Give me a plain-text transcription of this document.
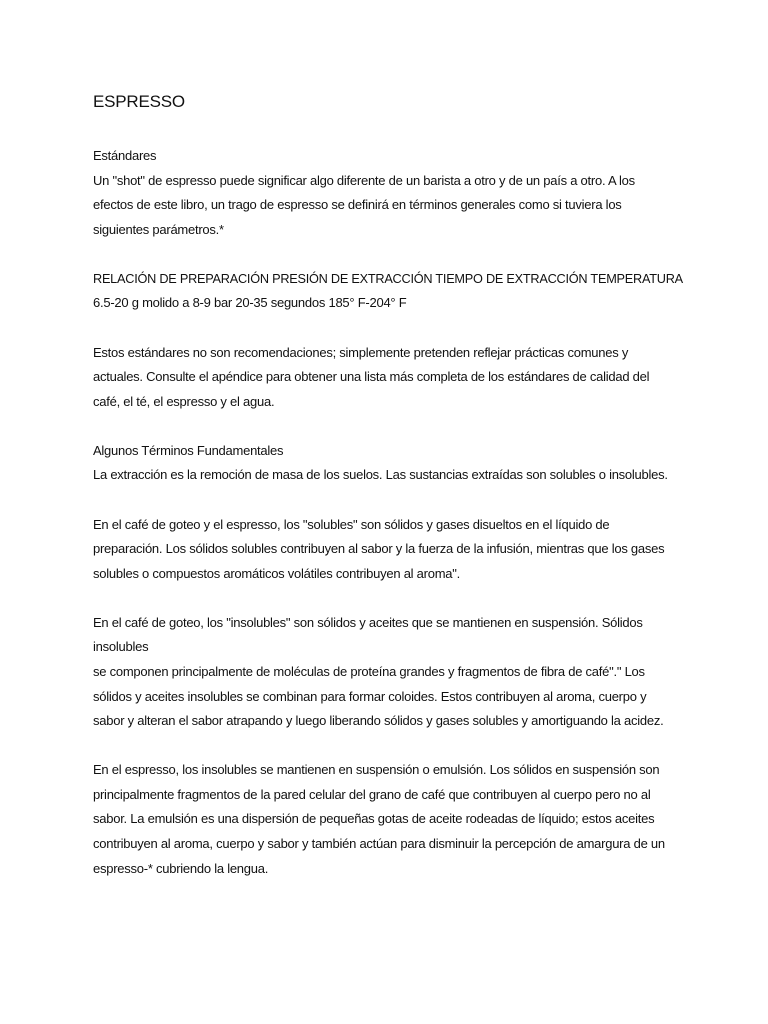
ESPRESSO
Estándares
Un "shot" de espresso puede significar algo diferente de un barista a otro y de un país a otro. A los
efectos de este libro, un trago de espresso se definirá en términos generales como si tuviera los
siguientes parámetros.*
RELACIÓN DE PREPARACIÓN PRESIÓN DE EXTRACCIÓN TIEMPO DE EXTRACCIÓN TEMPERATURA
6.5-20 g molido a 8-9 bar 20-35 segundos 185° F-204° F
Estos estándares no son recomendaciones; simplemente pretenden reflejar prácticas comunes y
actuales. Consulte el apéndice para obtener una lista más completa de los estándares de calidad del
café, el té, el espresso y el agua.
Algunos Términos Fundamentales
La extracción es la remoción de masa de los suelos. Las sustancias extraídas son solubles o insolubles.
En el café de goteo y el espresso, los "solubles" son sólidos y gases disueltos en el líquido de
preparación. Los sólidos solubles contribuyen al sabor y la fuerza de la infusión, mientras que los gases
solubles o compuestos aromáticos volátiles contribuyen al aroma".
En el café de goteo, los "insolubles" son sólidos y aceites que se mantienen en suspensión. Sólidos
insolubles
se componen principalmente de moléculas de proteína grandes y fragmentos de fibra de café"." Los
sólidos y aceites insolubles se combinan para formar coloides. Estos contribuyen al aroma, cuerpo y
sabor y alteran el sabor atrapando y luego liberando sólidos y gases solubles y amortiguando la acidez.
En el espresso, los insolubles se mantienen en suspensión o emulsión. Los sólidos en suspensión son
principalmente fragmentos de la pared celular del grano de café que contribuyen al cuerpo pero no al
sabor. La emulsión es una dispersión de pequeñas gotas de aceite rodeadas de líquido; estos aceites
contribuyen al aroma, cuerpo y sabor y también actúan para disminuir la percepción de amargura de un
espresso-* cubriendo la lengua.
